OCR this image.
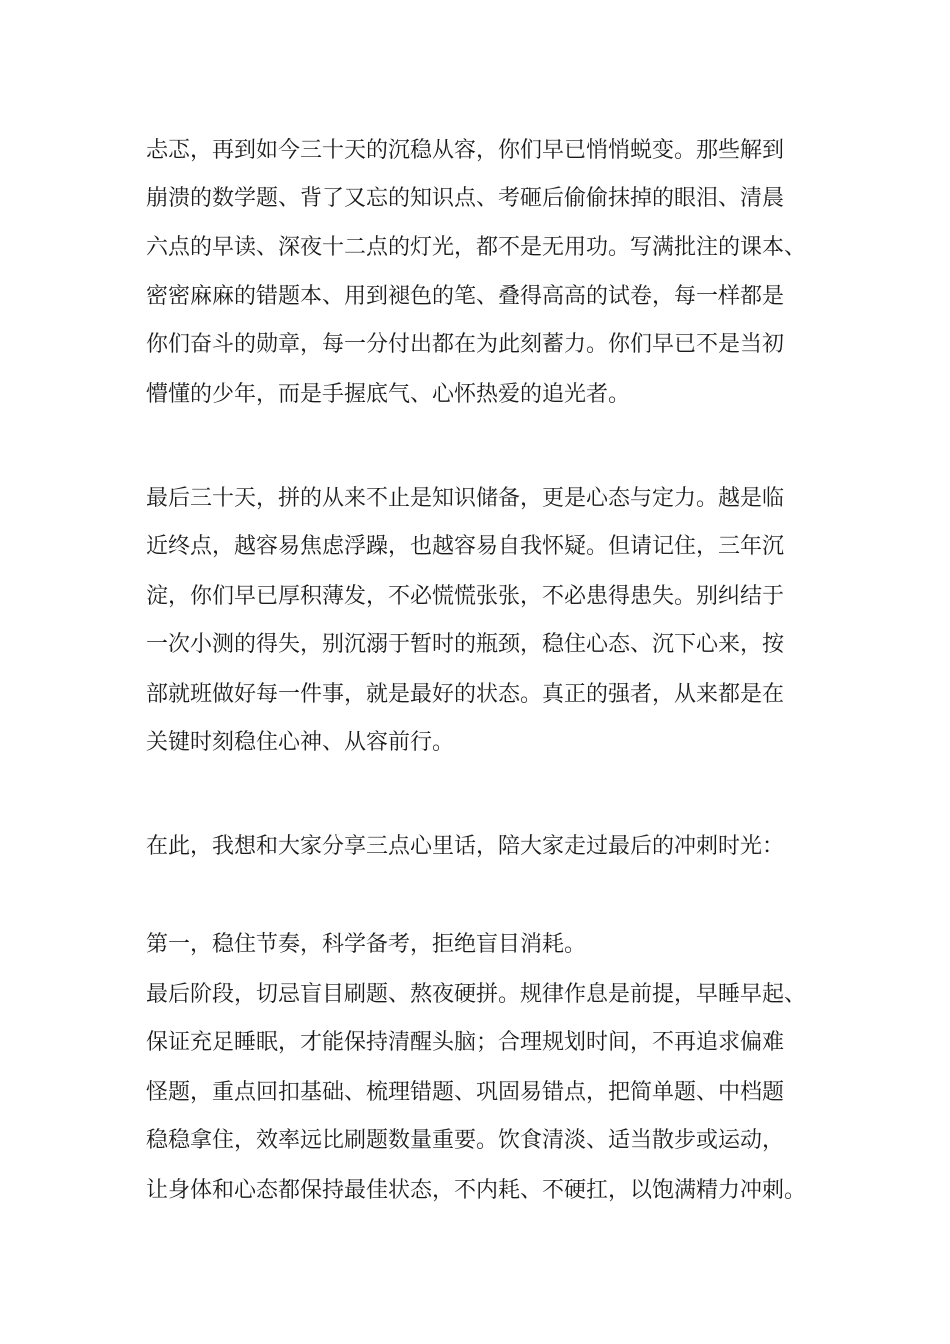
忐忑，再到如今三十天的沉稳从容，你们早已悄悄蜕变。那些解到

崩溃的数学题、背了又忘的知识点、考砸后偷偷抹掉的眼泪、清晨

六点的早读、深夜十二点的灯光，都不是无用功。写满批注的课本、

密密麻麻的错题本、用到褪色的笔、叠得高高的试卷，每一样都是

你们奋斗的勋章，每一分付出都在为此刻蓄力。你们早已不是当初

懵懂的少年，而是手握底气、心怀热爱的追光者。

最后三十天，拼的从来不止是知识储备，更是心态与定力。越是临

近终点，越容易焦虑浮躁，也越容易自我怀疑。但请记住，三年沉

淀，你们早已厚积薄发，不必慌慌张张，不必患得患失。别纠结于

一次小测的得失，别沉溺于暂时的瓶颈，稳住心态、沉下心来，按

部就班做好每一件事，就是最好的状态。真正的强者，从来都是在

关键时刻稳住心神、从容前行。

在此，我想和大家分享三点心里话，陪大家走过最后的冲刺时光：

第一，稳住节奏，科学备考，拒绝盲目消耗。

最后阶段，切忌盲目刷题、熬夜硬拼。规律作息是前提，早睡早起、

保证充足睡眠，才能保持清醒头脑；合理规划时间，不再追求偏难

怪题，重点回扣基础、梳理错题、巩固易错点，把简单题、中档题

稳稳拿住，效率远比刷题数量重要。饮食清淡、适当散步或运动，

让身体和心态都保持最佳状态，不内耗、不硬扛，以饱满精力冲刺。
